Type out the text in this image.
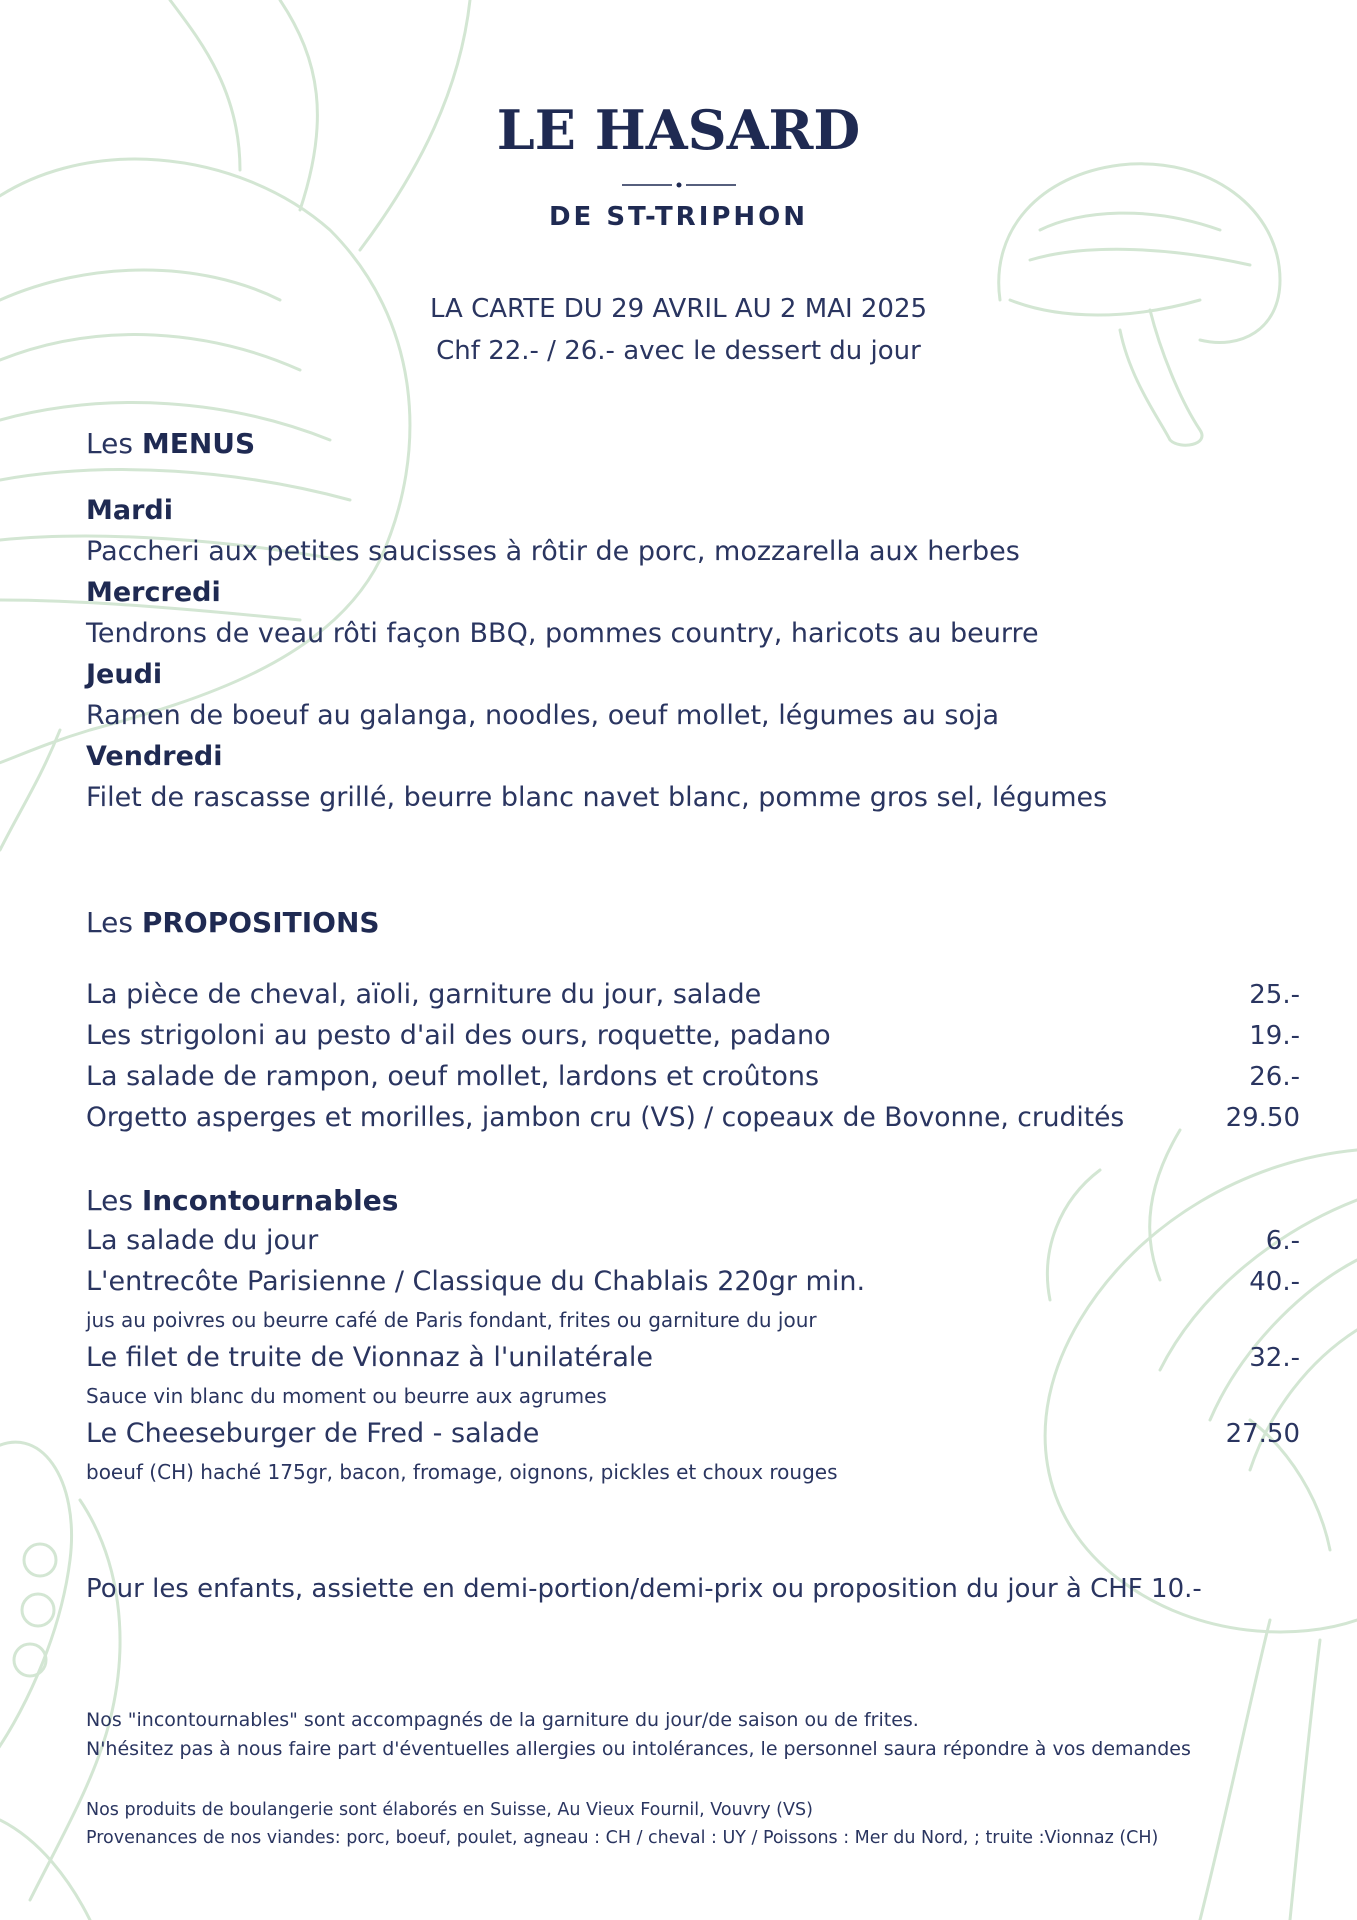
LE HASARD
DE ST-TRIPHON
LA CARTE DU 29 AVRIL AU 2 MAI 2025
Chf 22.- / 26.- avec le dessert du jour
Les MENUS
Mardi
Paccheri aux petites saucisses à rôtir de porc, mozzarella aux herbes
Mercredi
Tendrons de veau rôti façon BBQ, pommes country, haricots au beurre
Jeudi
Ramen de boeuf au galanga, noodles, oeuf mollet, légumes au soja
Vendredi
Filet de rascasse grillé, beurre blanc navet blanc, pomme gros sel, légumes
Les PROPOSITIONS
La pièce de cheval, aïoli, garniture du jour, salade	25.-
Les strigoloni au pesto d'ail des ours, roquette, padano	19.-
La salade de rampon, oeuf mollet, lardons et croûtons	26.-
Orgetto asperges et morilles, jambon cru (VS) / copeaux de Bovonne, crudités	29.50
Les Incontournables
La salade du jour	6.-
L'entrecôte Parisienne / Classique du Chablais 220gr min.	40.-
jus au poivres ou beurre café de Paris fondant, frites ou garniture du jour
Le filet de truite de Vionnaz à l'unilatérale	32.-
Sauce vin blanc du moment ou beurre aux agrumes
Le Cheeseburger de Fred - salade	27.50
boeuf (CH) haché 175gr, bacon, fromage, oignons, pickles et choux rouges
Pour les enfants, assiette en demi-portion/demi-prix ou proposition du jour à CHF 10.-
Nos "incontournables" sont accompagnés de la garniture du jour/de saison ou de frites.
N'hésitez pas à nous faire part d'éventuelles allergies ou intolérances, le personnel saura répondre à vos demandes
Nos produits de boulangerie sont élaborés en Suisse, Au Vieux Fournil, Vouvry (VS)
Provenances de nos viandes: porc, boeuf, poulet, agneau : CH / cheval : UY / Poissons : Mer du Nord, ; truite :Vionnaz (CH)
